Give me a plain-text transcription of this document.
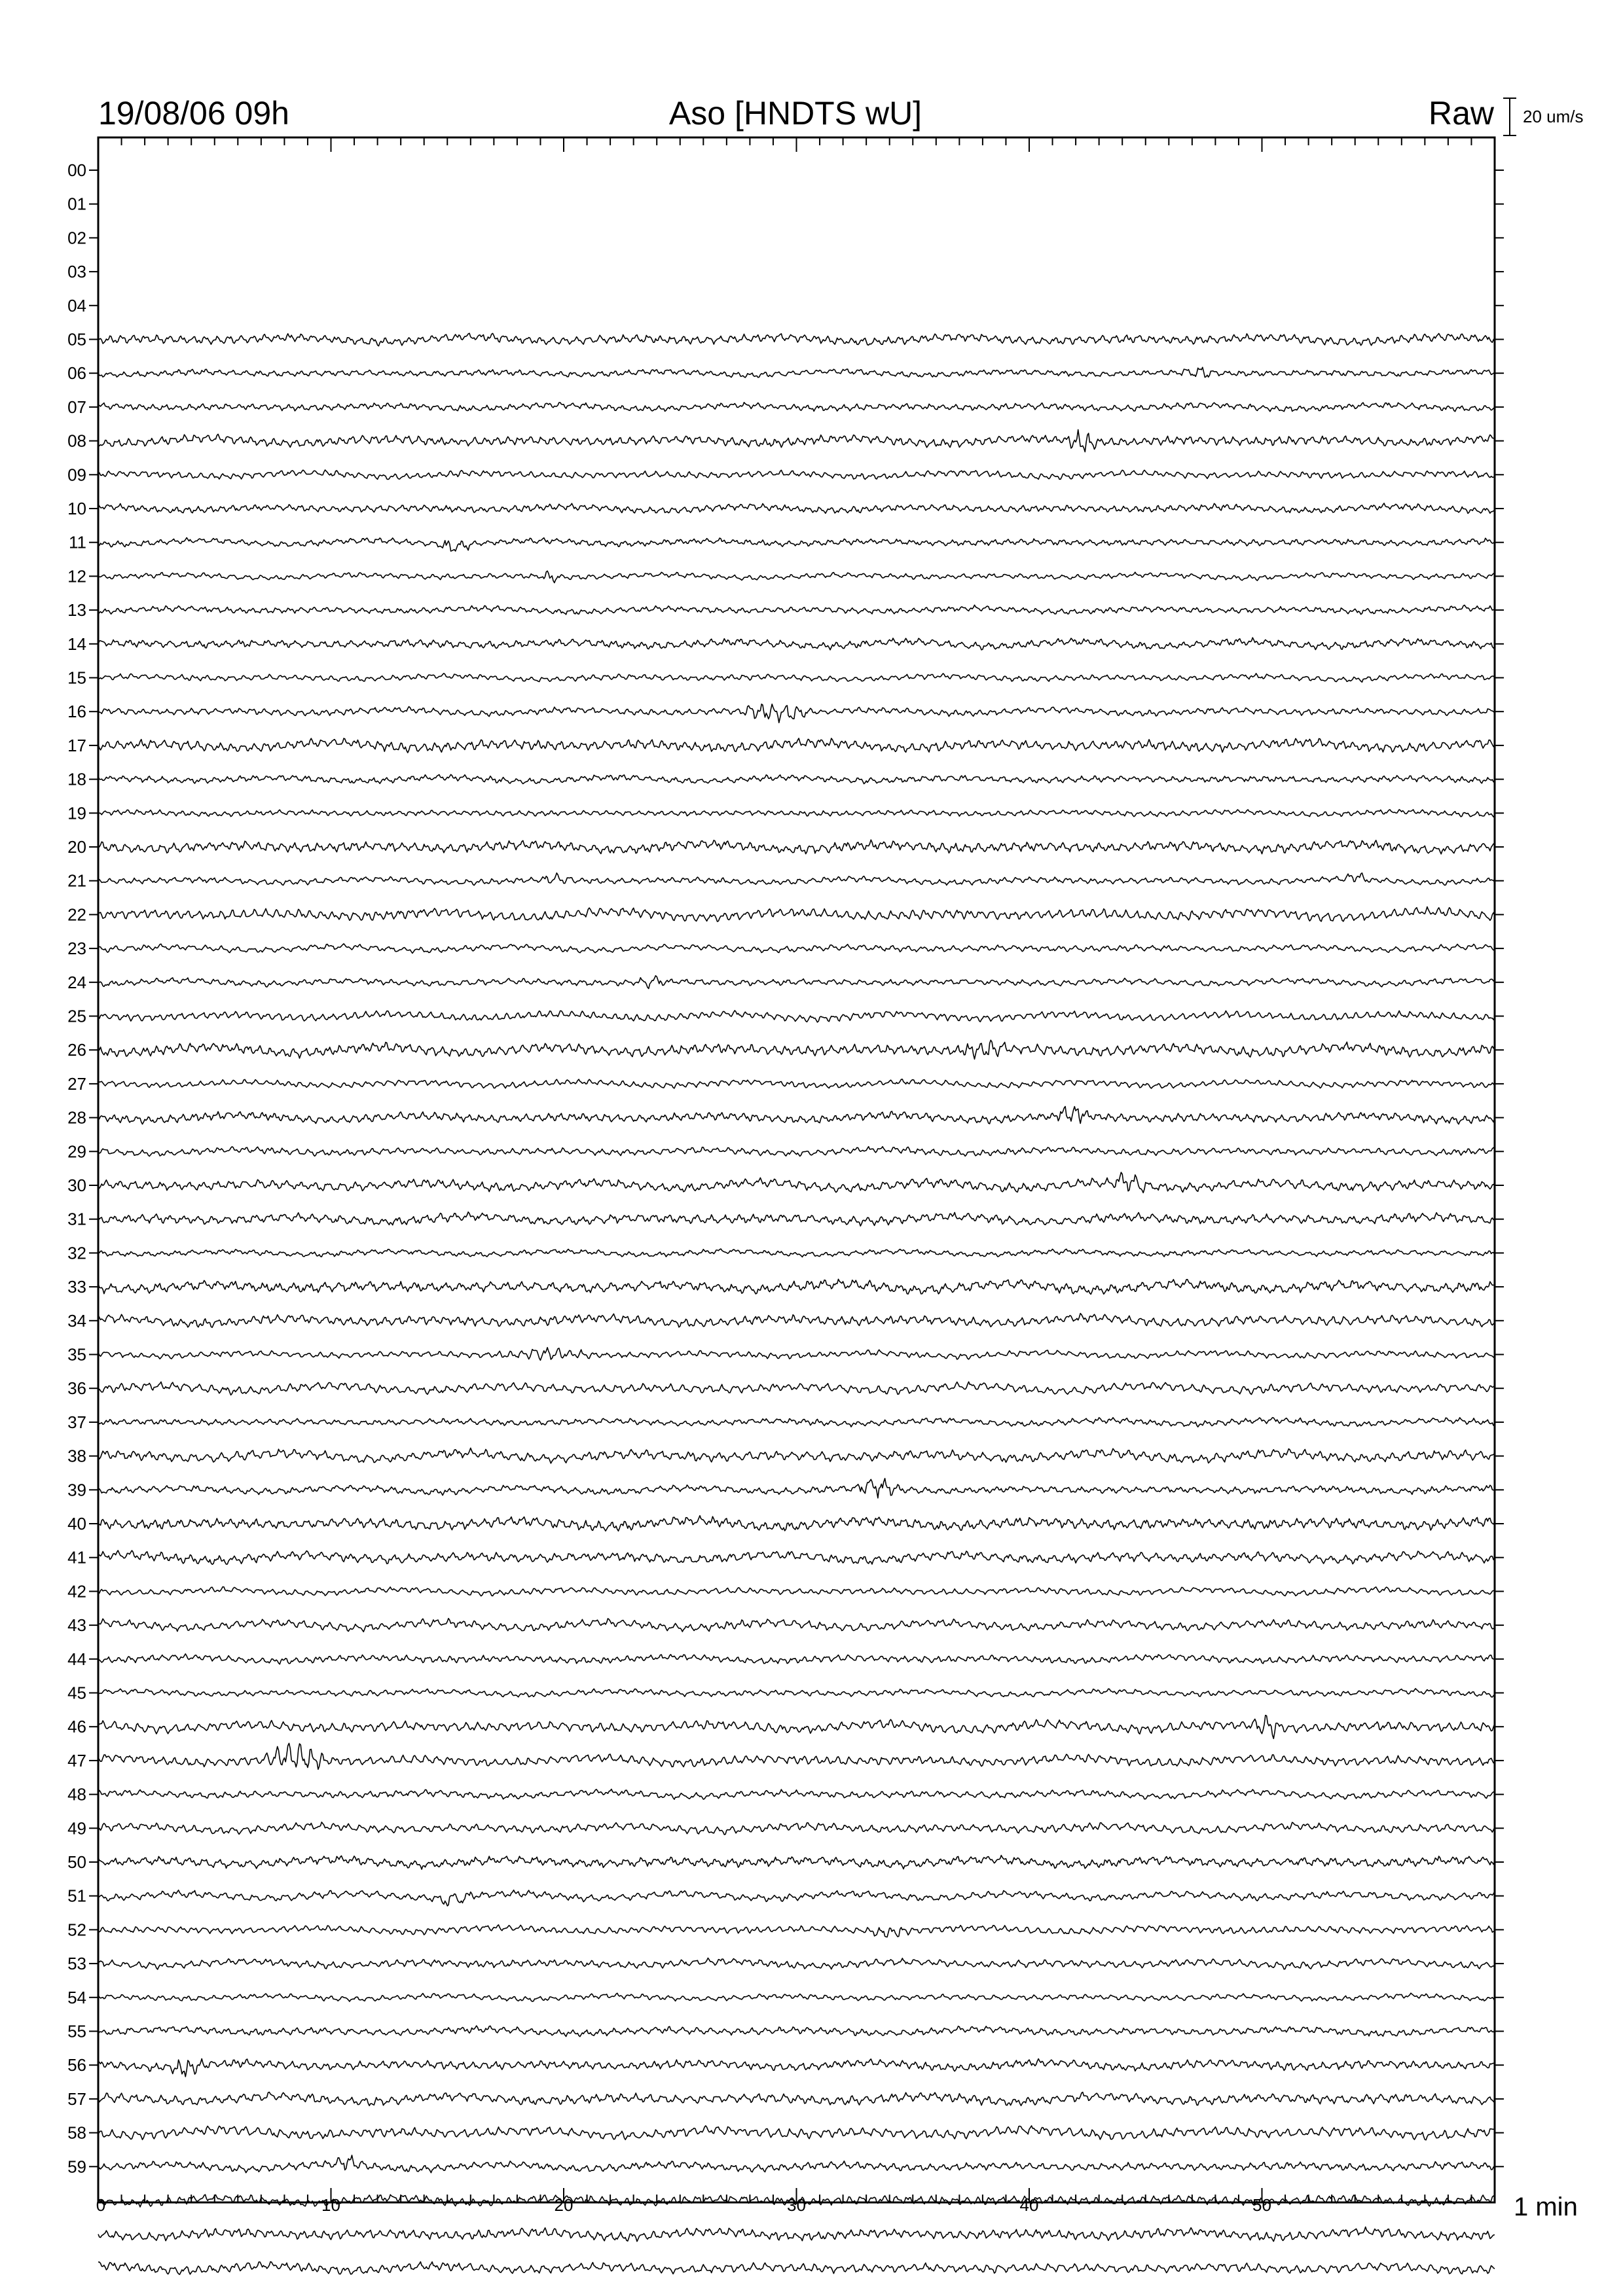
19/08/06 09h	Aso [HNDTS wU]	Raw 20 um/s
00
01
02
03
04
05
06
07
08
09
10
11
12
13
14
15
16
17
18
19
20
21
22
23
24
25
26
27
28
29
30
31
32
33
34
35
36
37
38
39
40
41
42
43
44
45
46
47
48
49
50
51
52
53
54
55
56
57
58
59
0	10	20	30	40	50	1 min
